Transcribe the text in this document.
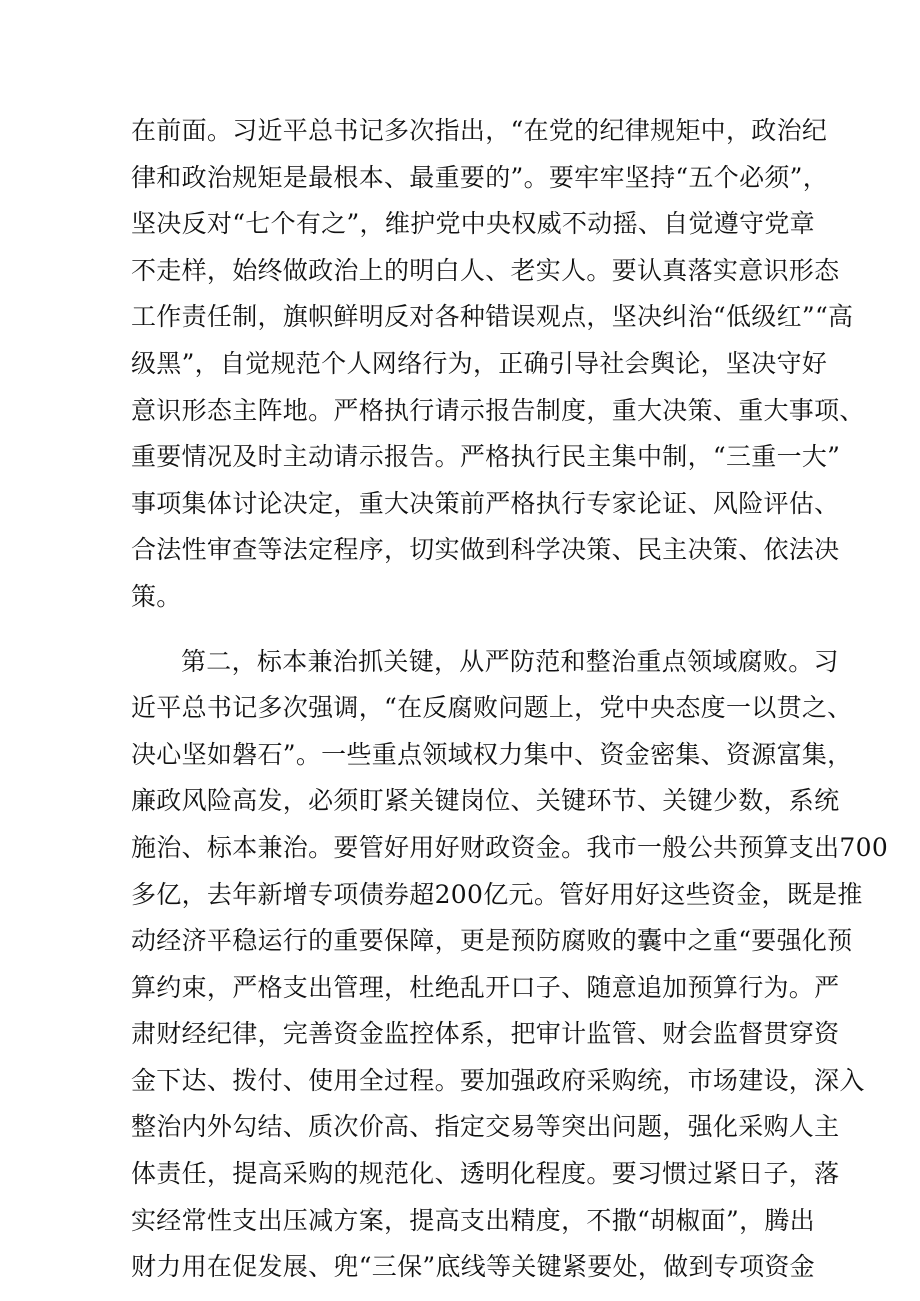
在前面。习近平总书记多次指出，“在党的纪律规矩中，政治纪
律和政治规矩是最根本、最重要的”。要牢牢坚持“五个必须”，
坚决反对“七个有之”，维护党中央权威不动摇、自觉遵守党章
不走样，始终做政治上的明白人、老实人。要认真落实意识形态
工作责任制，旗帜鲜明反对各种错误观点，坚决纠治“低级红”“高
级黑”，自觉规范个人网络行为，正确引导社会舆论，坚决守好
意识形态主阵地。严格执行请示报告制度，重大决策、重大事项、
重要情况及时主动请示报告。严格执行民主集中制，“三重一大”
事项集体讨论决定，重大决策前严格执行专家论证、风险评估、
合法性审查等法定程序，切实做到科学决策、民主决策、依法决
策。
第二，标本兼治抓关键，从严防范和整治重点领域腐败。习
近平总书记多次强调，“在反腐败问题上，党中央态度一以贯之、
决心坚如磐石”。一些重点领域权力集中、资金密集、资源富集，
廉政风险高发，必须盯紧关键岗位、关键环节、关键少数，系统
施治、标本兼治。要管好用好财政资金。我市一般公共预算支出700
多亿，去年新增专项债券超200亿元。管好用好这些资金，既是推
动经济平稳运行的重要保障，更是预防腐败的囊中之重“要强化预
算约束，严格支出管理，杜绝乱开口子、随意追加预算行为。严
肃财经纪律，完善资金监控体系，把审计监管、财会监督贯穿资
金下达、拨付、使用全过程。要加强政府采购统，市场建设，深入
整治内外勾结、质次价高、指定交易等突出问题，强化采购人主
体责任，提高采购的规范化、透明化程度。要习惯过紧日子，落
实经常性支出压减方案，提高支出精度，不撒“胡椒面”，腾出
财力用在促发展、兜“三保”底线等关键紧要处，做到专项资金
